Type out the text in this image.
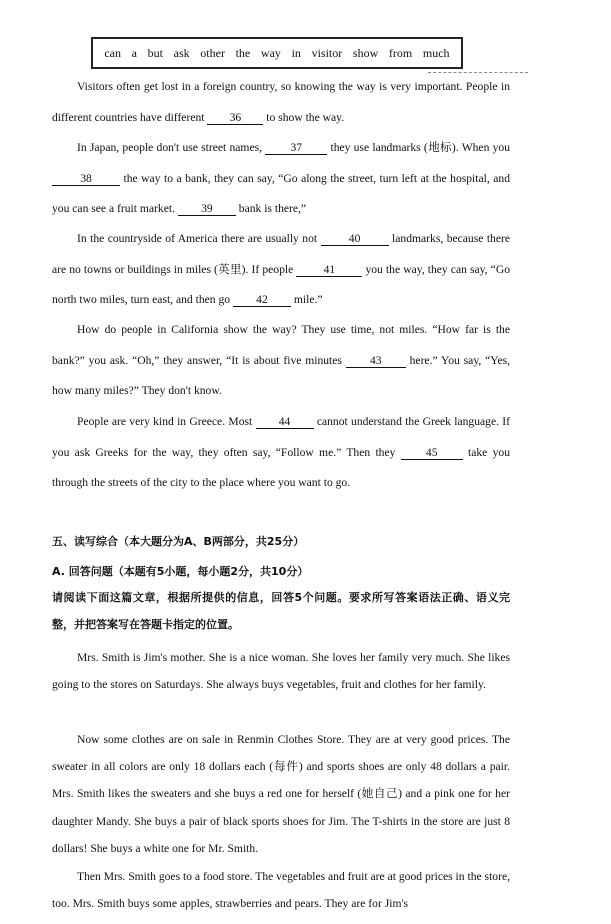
can a but ask other the way in visitor show from much

Visitors often get lost in a foreign country, so knowing the way is very important. People in different countries have different 36 to show the way.

In Japan, people don't use street names, 37 they use landmarks (地标). When you 38	the way to a bank, they can say, “Go along the street, turn left at the hospital, and you can see a fruit market. 39 bank is there,”

In the countryside of America there are usually not	40	landmarks, because there are no towns or buildings in miles (英里). If people	41	you the way, they can say, “Go north two miles, turn east, and then go 42 mile.”

How do people in California show the way? They use time, not miles. “How far is the bank?” you ask. “Oh,” they answer, “It is about five minutes 43 here.” You say, “Yes, how many miles?” They don't know.

People are very kind in Greece. Most 44 cannot understand the Greek language. If you ask Greeks for the way, they often say, “Follow me.” Then they	45	take you through the streets of the city to the place where you want to go.

五、读写综合（本大题分为A、B两部分，共25分）

A. 回答问题（本题有5小题，每小题2分，共10分）

请阅读下面这篇文章，根据所提供的信息，回答5个问题。要求所写答案语法正确、语义完整，并把答案写在答题卡指定的位置。

Mrs. Smith is Jim's mother. She is a nice woman. She loves her family very much. She likes going to the stores on Saturdays. She always buys vegetables, fruit and clothes for her family.

Now some clothes are on sale in Renmin Clothes Store. They are at very good prices. The sweater in all colors are only 18 dollars each (每件) and sports shoes are only 48 dollars a pair. Mrs. Smith likes the sweaters and she buys a red one for herself (她自己) and a pink one for her daughter Mandy. She buys a pair of black sports shoes for Jim. The T-shirts in the store are just 8 dollars! She buys a white one for Mr. Smith.

Then Mrs. Smith goes to a food store. The vegetables and fruit are at good prices in the store, too. Mrs. Smith buys some apples, strawberries and pears. They are for Jim's
